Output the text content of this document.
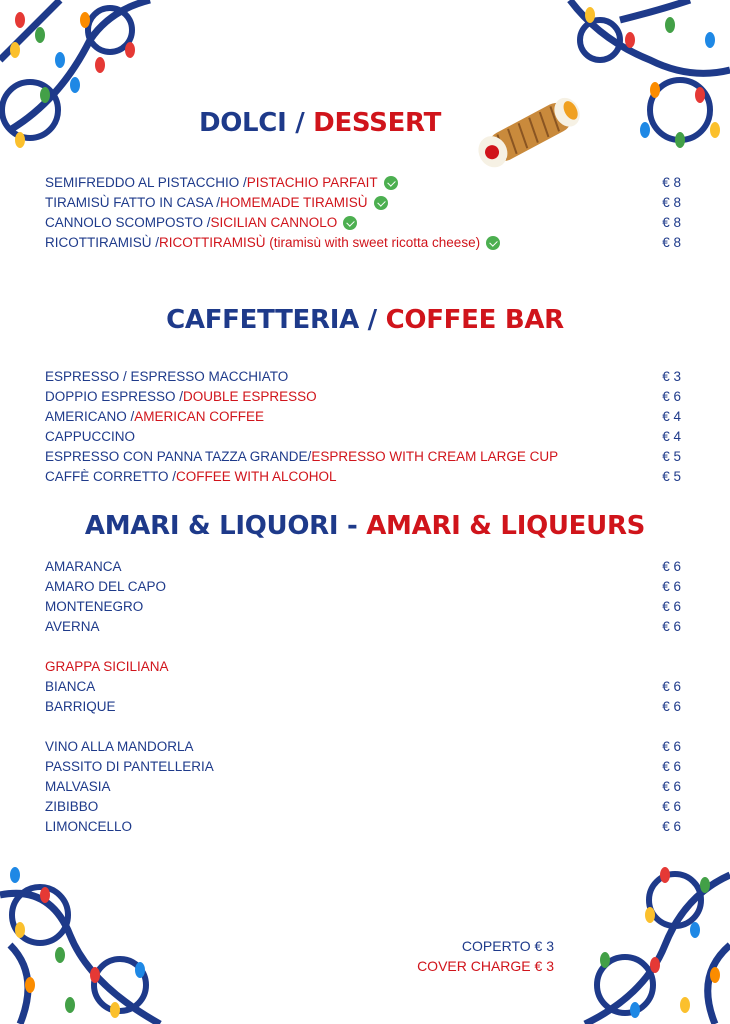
DOLCI / DESSERT
SEMIFREDDO AL PISTACCHIO / PISTACHIO PARFAIT	€ 8
TIRAMISÙ FATTO IN CASA / HOMEMADE TIRAMISÙ	€ 8
CANNOLO SCOMPOSTO / SICILIAN CANNOLO	€ 8
RICOTTIRAMISÙ / RICOTTIRAMISÙ (tiramisù with sweet ricotta cheese)	€ 8
CAFFETTERIA / COFFEE BAR
ESPRESSO / ESPRESSO MACCHIATO	€ 3
DOPPIO ESPRESSO / DOUBLE ESPRESSO	€ 6
AMERICANO / AMERICAN COFFEE	€ 4
CAPPUCCINO	€ 4
ESPRESSO CON PANNA TAZZA GRANDE/ ESPRESSO WITH CREAM LARGE CUP	€ 5
CAFFÈ CORRETTO / COFFEE WITH ALCOHOL	€ 5
AMARI & LIQUORI - AMARI & LIQUEURS
AMARANCA	€ 6
AMARO DEL CAPO	€ 6
MONTENEGRO	€ 6
AVERNA	€ 6
GRAPPA SICILIANA
BIANCA	€ 6
BARRIQUE	€ 6
VINO ALLA MANDORLA	€ 6
PASSITO DI PANTELLERIA	€ 6
MALVASIA	€ 6
ZIBIBBO	€ 6
LIMONCELLO	€ 6
COPERTO € 3
COVER CHARGE € 3
